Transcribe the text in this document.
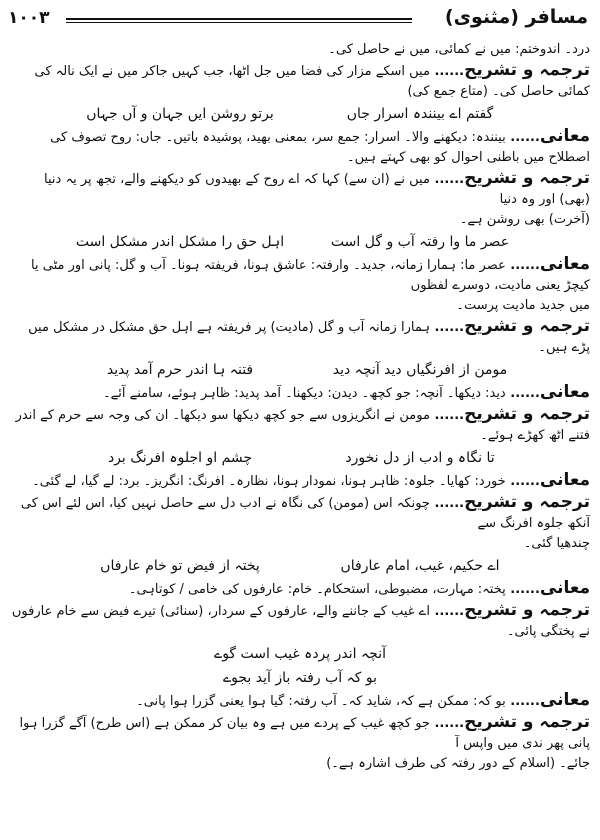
۱۰۰۳	مسافر (مثنوی)
درد۔ اندوختم: میں نے کمائی، میں نے حاصل کی۔
ترجمہ و تشریح...... میں اسکے مزار کی فضا میں جل اٹھا، جب کہیں جاکر میں نے ایک نالہ کی کمائی حاصل کی۔ (متاع جمع کی)
گفتم اے بینندہ اسرار جاںبرتو روشن ایں جہان و آں جہاں
معانی...... بینندہ: دیکھنے والا۔ اسرار: جمع سر، بمعنی بھید، پوشیدہ باتیں۔ جاں: روح تصوف کی اصطلاح میں باطنی احوال کو بھی کہتے ہیں۔
ترجمہ و تشریح...... میں نے (ان سے) کہا کہ اے روح کے بھیدوں کو دیکھنے والے، تجھ پر یہ دنیا (بھی) اور وہ دنیا
(آخرت) بھی روشن ہے۔
عصر ما وا رفتہ آب و گل استاہل حق را مشکل اندر مشکل است
معانی...... عصر ما: ہمارا زمانہ، جدید۔ وارفتہ: عاشق ہونا، فریفتہ ہونا۔ آب و گل: پانی اور مٹی یا کیچڑ یعنی مادیت، دوسرے لفظوں
میں جدید مادیت پرست۔
ترجمہ و تشریح...... ہمارا زمانہ آب و گل (مادیت) پر فریفتہ ہے اہل حق مشکل در مشکل میں پڑے ہیں۔
مومن از افرنگیاں دید آنچہ دیدفتنہ ہا اندر حرم آمد پدید
معانی...... دید: دیکھا۔ آنچہ: جو کچھ۔ دیدن: دیکھنا۔ آمد پدید: ظاہر ہوئے، سامنے آئے۔
ترجمہ و تشریح...... مومن نے انگریزوں سے جو کچھ دیکھا سو دیکھا۔ ان کی وجہ سے حرم کے اندر فتنے اٹھ کھڑے ہوئے۔
تا نگاہ و ادب از دل نخوردچشم او اجلوہ افرنگ برد
معانی...... خورد: کھایا۔ جلوہ: ظاہر ہونا، نمودار ہونا، نظارہ۔ افرنگ: انگریز۔ برد: لے گیا، لے گئی۔
ترجمہ و تشریح...... چونکہ اس (مومن) کی نگاہ نے ادب دل سے حاصل نہیں کیا، اس لئے اس کی آنکھ جلوہ افرنگ سے
چندھیا گئی۔
اے حکیم، غیب، امام عارفاںپختہ از فیض تو خام عارفاں
معانی...... پختہ: مہارت، مضبوطی، استحکام۔ خام: عارفوں کی خامی / کوتاہی۔
ترجمہ و تشریح...... اے غیب کے جاننے والے، عارفوں کے سردار، (سنائی) تیرے فیض سے خام عارفوں نے پختگی پائی۔
آنچہ اندر پردہ غیب است گوے
بو کہ آب رفتہ باز آید بجوے
معانی...... بو کہ: ممکن ہے کہ، شاید کہ۔ آب رفتہ: گیا ہوا یعنی گزرا ہوا پانی۔
ترجمہ و تشریح...... جو کچھ غیب کے پردے میں ہے وہ بیان کر ممکن ہے (اس طرح) آگے گزرا ہوا پانی پھر ندی میں واپس آ
جائے۔ (اسلام کے دور رفتہ کی طرف اشارہ ہے۔)
